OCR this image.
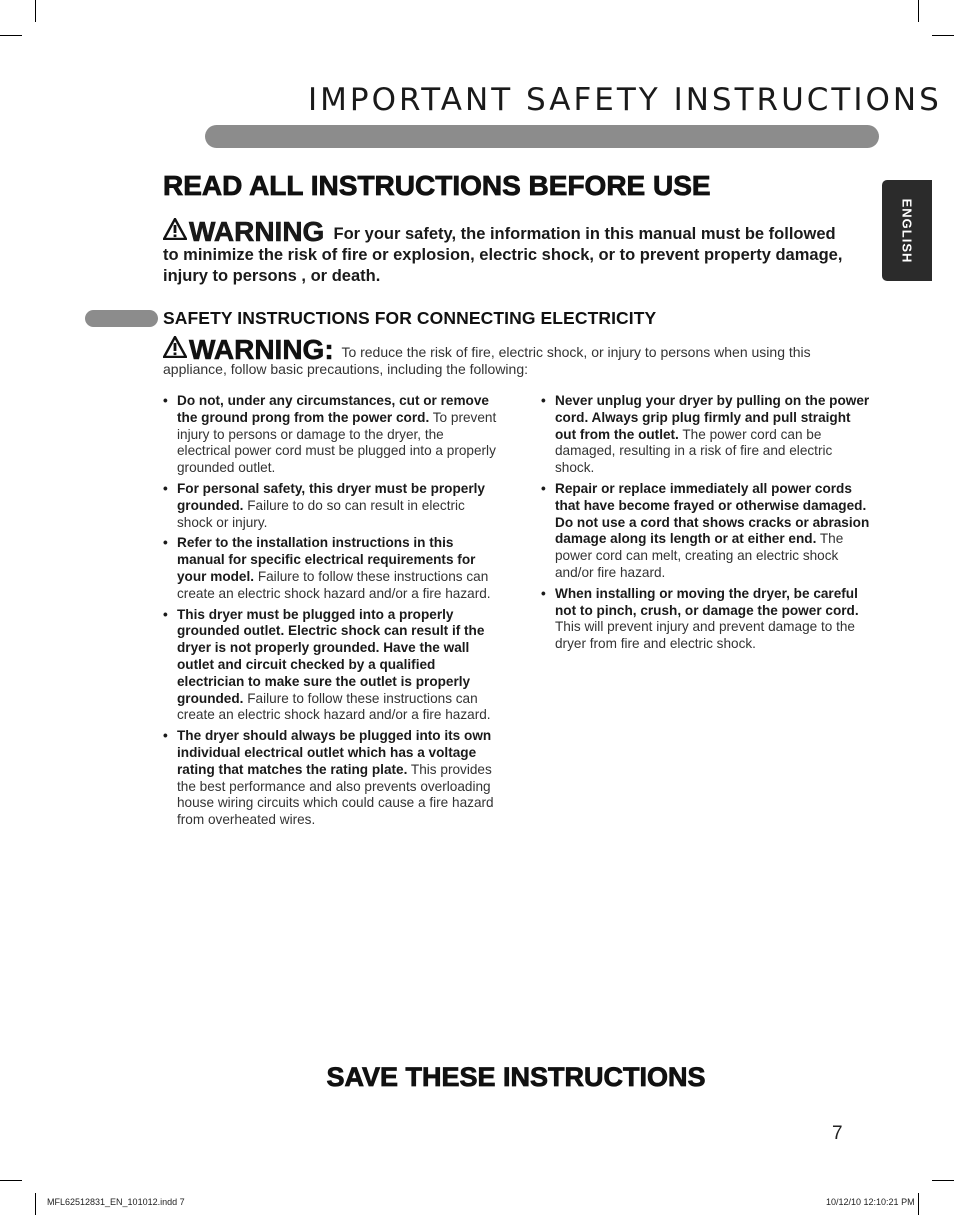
IMPORTANT SAFETY INSTRUCTIONS
ENGLISH
READ ALL INSTRUCTIONS BEFORE USE
WARNING For your safety, the information in this manual must be followed to minimize the risk of fire or explosion, electric shock, or to prevent property damage, injury to persons , or death.
SAFETY INSTRUCTIONS FOR CONNECTING ELECTRICITY
WARNING: To reduce the risk of fire, electric shock, or injury to persons when using this appliance, follow basic precautions, including the following:
• Do not, under any circumstances, cut or remove the ground prong from the power cord. To prevent injury to persons or damage to the dryer, the electrical power cord must be plugged into a properly grounded outlet.
• For personal safety, this dryer must be properly grounded. Failure to do so can result in electric shock or injury.
• Refer to the installation instructions in this manual for specific electrical requirements for your model. Failure to follow these instructions can create an electric shock hazard and/or a fire hazard.
• This dryer must be plugged into a properly grounded outlet. Electric shock can result if the dryer is not properly grounded. Have the wall outlet and circuit checked by a qualified electrician to make sure the outlet is properly grounded. Failure to follow these instructions can create an electric shock hazard and/or a fire hazard.
• The dryer should always be plugged into its own individual electrical outlet which has a voltage rating that matches the rating plate. This provides the best performance and also prevents overloading house wiring circuits which could cause a fire hazard from overheated wires.
• Never unplug your dryer by pulling on the power cord. Always grip plug firmly and pull straight out from the outlet. The power cord can be damaged, resulting in a risk of fire and electric shock.
• Repair or replace immediately all power cords that have become frayed or otherwise damaged. Do not use a cord that shows cracks or abrasion damage along its length or at either end. The power cord can melt, creating an electric shock and/or fire hazard.
• When installing or moving the dryer, be careful not to pinch, crush, or damage the power cord. This will prevent injury and prevent damage to the dryer from fire and electric shock.
SAVE THESE INSTRUCTIONS
7
MFL62512831_EN_101012.indd 7	10/12/10 12:10:21 PM
